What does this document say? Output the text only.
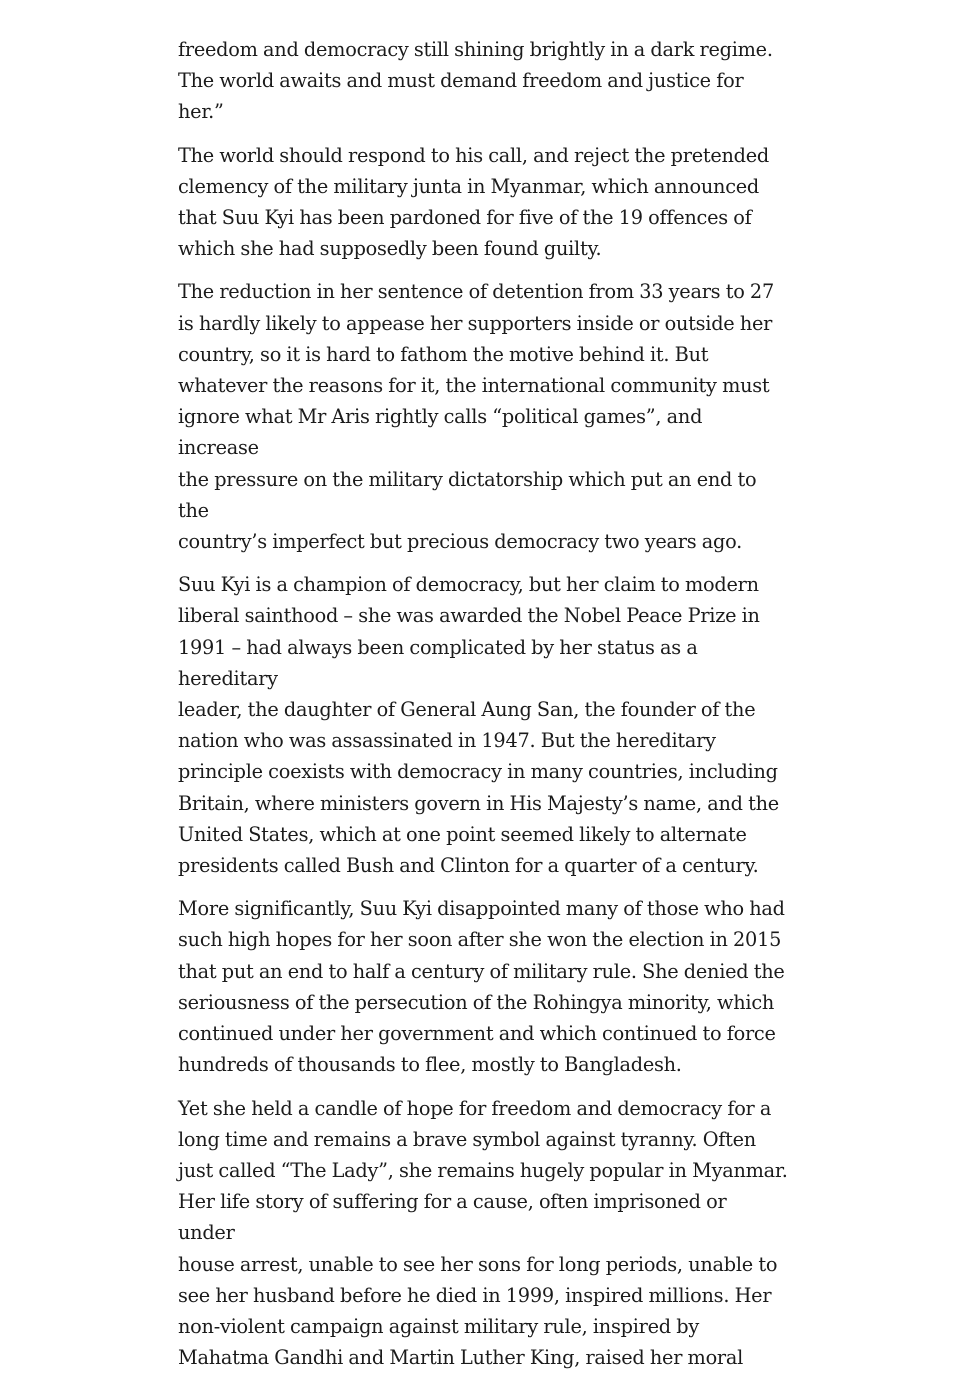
freedom and democracy still shining brightly in a dark regime.
The world awaits and must demand freedom and justice for her.”

The world should respond to his call, and reject the pretended
clemency of the military junta in Myanmar, which announced
that Suu Kyi has been pardoned for five of the 19 offences of
which she had supposedly been found guilty.

The reduction in her sentence of detention from 33 years to 27
is hardly likely to appease her supporters inside or outside her
country, so it is hard to fathom the motive behind it. But
whatever the reasons for it, the international community must
ignore what Mr Aris rightly calls “political games”, and increase
the pressure on the military dictatorship which put an end to the
country’s imperfect but precious democracy two years ago.

Suu Kyi is a champion of democracy, but her claim to modern
liberal sainthood – she was awarded the Nobel Peace Prize in
1991 – had always been complicated by her status as a hereditary
leader, the daughter of General Aung San, the founder of the
nation who was assassinated in 1947. But the hereditary
principle coexists with democracy in many countries, including
Britain, where ministers govern in His Majesty’s name, and the
United States, which at one point seemed likely to alternate
presidents called Bush and Clinton for a quarter of a century.

More significantly, Suu Kyi disappointed many of those who had
such high hopes for her soon after she won the election in 2015
that put an end to half a century of military rule. She denied the
seriousness of the persecution of the Rohingya minority, which
continued under her government and which continued to force
hundreds of thousands to flee, mostly to Bangladesh.

Yet she held a candle of hope for freedom and democracy for a
long time and remains a brave symbol against tyranny. Often
just called “The Lady”, she remains hugely popular in Myanmar.
Her life story of suffering for a cause, often imprisoned or under
house arrest, unable to see her sons for long periods, unable to
see her husband before he died in 1999, inspired millions. Her
non-violent campaign against military rule, inspired by
Mahatma Gandhi and Martin Luther King, raised her moral
